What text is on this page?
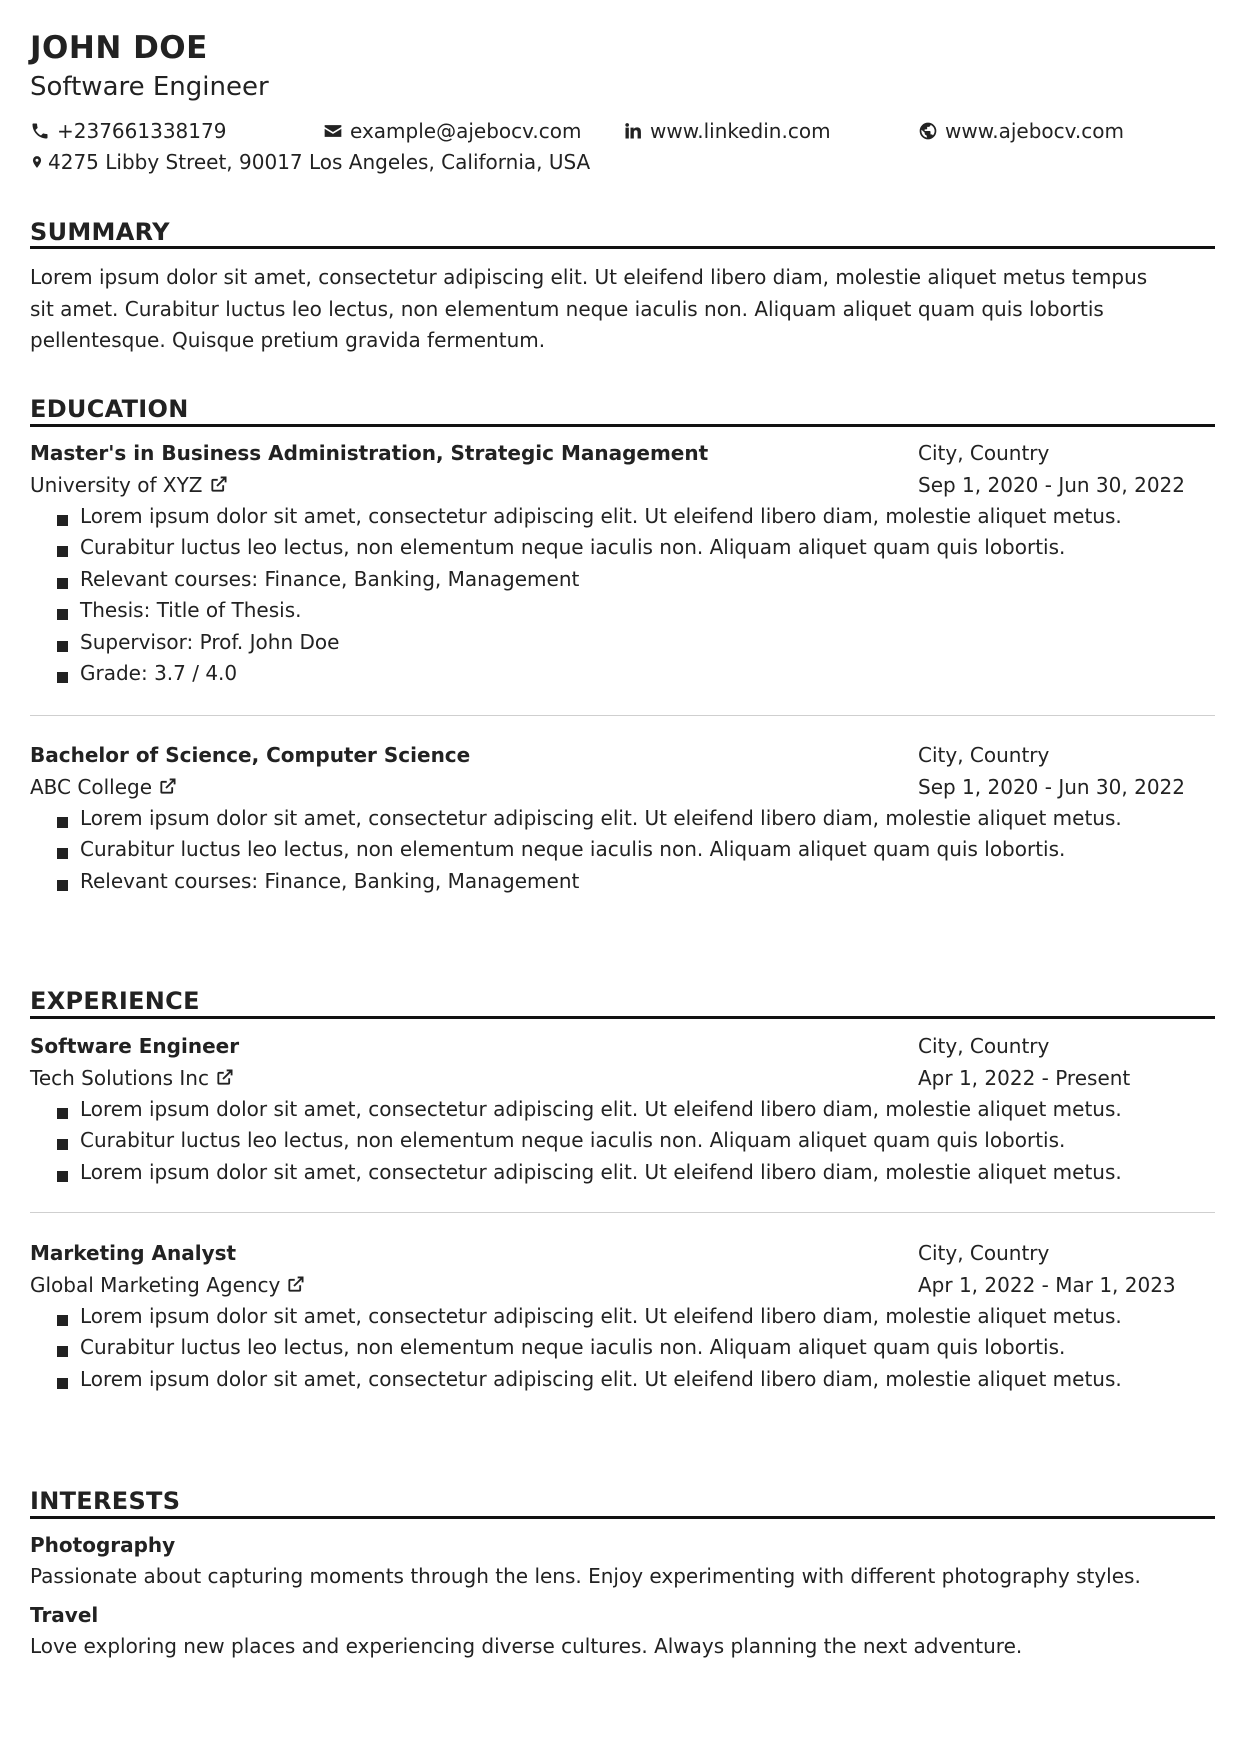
JOHN DOE
Software Engineer
+237661338179	example@ajebocv.com	www.linkedin.com	www.ajebocv.com
4275 Libby Street, 90017 Los Angeles, California, USA
SUMMARY
Lorem ipsum dolor sit amet, consectetur adipiscing elit. Ut eleifend libero diam, molestie aliquet metus tempus
sit amet. Curabitur luctus leo lectus, non elementum neque iaculis non. Aliquam aliquet quam quis lobortis
pellentesque. Quisque pretium gravida fermentum.
EDUCATION
Master's in Business Administration, Strategic Management	City, Country
University of XYZ	Sep 1, 2020 - Jun 30, 2022
Lorem ipsum dolor sit amet, consectetur adipiscing elit. Ut eleifend libero diam, molestie aliquet metus.
Curabitur luctus leo lectus, non elementum neque iaculis non. Aliquam aliquet quam quis lobortis.
Relevant courses: Finance, Banking, Management
Thesis: Title of Thesis.
Supervisor: Prof. John Doe
Grade: 3.7 / 4.0
Bachelor of Science, Computer Science	City, Country
ABC College	Sep 1, 2020 - Jun 30, 2022
Lorem ipsum dolor sit amet, consectetur adipiscing elit. Ut eleifend libero diam, molestie aliquet metus.
Curabitur luctus leo lectus, non elementum neque iaculis non. Aliquam aliquet quam quis lobortis.
Relevant courses: Finance, Banking, Management
EXPERIENCE
Software Engineer	City, Country
Tech Solutions Inc	Apr 1, 2022 - Present
Lorem ipsum dolor sit amet, consectetur adipiscing elit. Ut eleifend libero diam, molestie aliquet metus.
Curabitur luctus leo lectus, non elementum neque iaculis non. Aliquam aliquet quam quis lobortis.
Lorem ipsum dolor sit amet, consectetur adipiscing elit. Ut eleifend libero diam, molestie aliquet metus.
Marketing Analyst	City, Country
Global Marketing Agency	Apr 1, 2022 - Mar 1, 2023
Lorem ipsum dolor sit amet, consectetur adipiscing elit. Ut eleifend libero diam, molestie aliquet metus.
Curabitur luctus leo lectus, non elementum neque iaculis non. Aliquam aliquet quam quis lobortis.
Lorem ipsum dolor sit amet, consectetur adipiscing elit. Ut eleifend libero diam, molestie aliquet metus.
INTERESTS
Photography
Passionate about capturing moments through the lens. Enjoy experimenting with different photography styles.
Travel
Love exploring new places and experiencing diverse cultures. Always planning the next adventure.
